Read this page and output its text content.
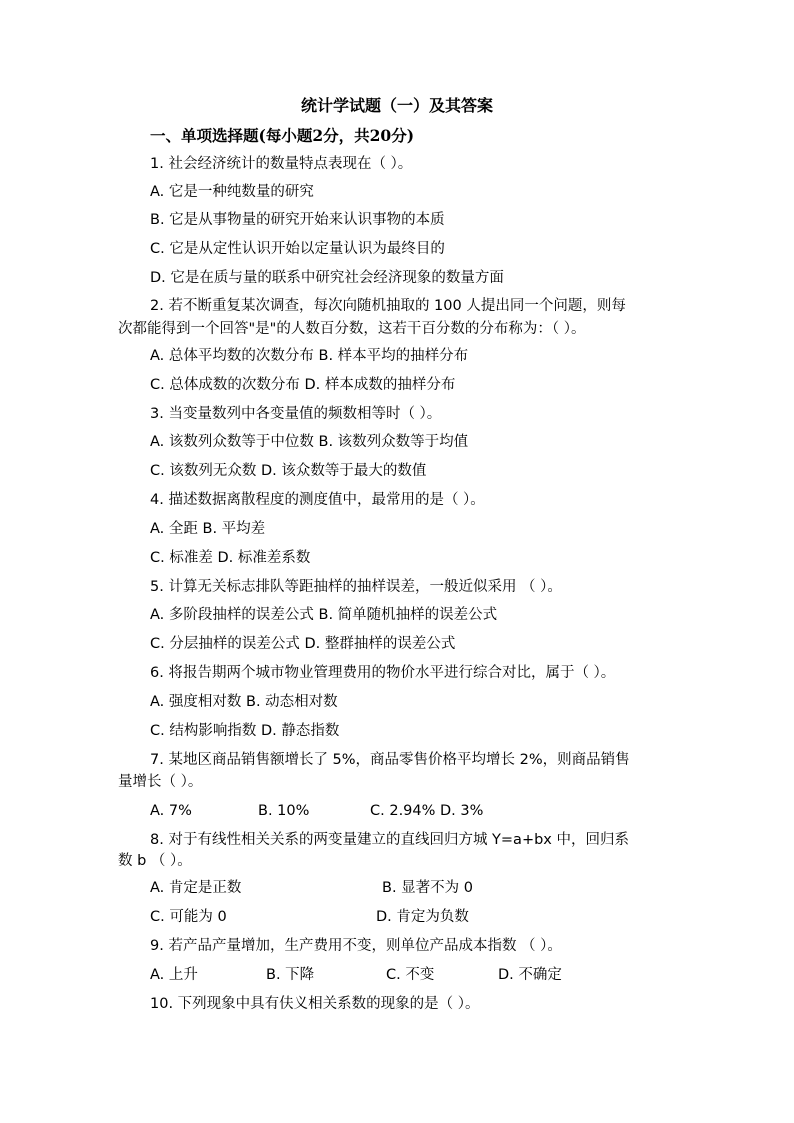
统计学试题（一）及其答案
一、单项选择题(每小题2分，共20分)
1. 社会经济统计的数量特点表现在（ ）。
A. 它是一种纯数量的研究
B. 它是从事物量的研究开始来认识事物的本质
C. 它是从定性认识开始以定量认识为最终目的
D. 它是在质与量的联系中研究社会经济现象的数量方面
2. 若不断重复某次调查，每次向随机抽取的 100 人提出同一个问题，则每
次都能得到一个回答"是"的人数百分数，这若干百分数的分布称为：（ ）。
A. 总体平均数的次数分布 B. 样本平均的抽样分布
C. 总体成数的次数分布 D. 样本成数的抽样分布
3. 当变量数列中各变量值的频数相等时（ ）。
A. 该数列众数等于中位数 B. 该数列众数等于均值
C. 该数列无众数 D. 该众数等于最大的数值
4. 描述数据离散程度的测度值中，最常用的是（ ）。
A. 全距 B. 平均差
C. 标准差 D. 标准差系数
5. 计算无关标志排队等距抽样的抽样误差，一般近似采用 （ ）。
A. 多阶段抽样的误差公式 B. 简单随机抽样的误差公式
C. 分层抽样的误差公式 D. 整群抽样的误差公式
6. 将报告期两个城市物业管理费用的物价水平进行综合对比，属于（ ）。
A. 强度相对数 B. 动态相对数
C. 结构影响指数 D. 静态指数
7. 某地区商品销售额增长了 5%，商品零售价格平均增长 2%，则商品销售
量增长（ ）。
A. 7%	B. 10%	C. 2.94% D. 3%
8. 对于有线性相关关系的两变量建立的直线回归方城 Y=a+bx 中，回归系
数 b （ ）。
A. 肯定是正数	B. 显著不为 0
C. 可能为 0	D. 肯定为负数
9. 若产品产量增加，生产费用不变，则单位产品成本指数 （ ）。
A. 上升	B. 下降	C. 不变	D. 不确定
10. 下列现象中具有伕义相关系数的现象的是（ ）。
